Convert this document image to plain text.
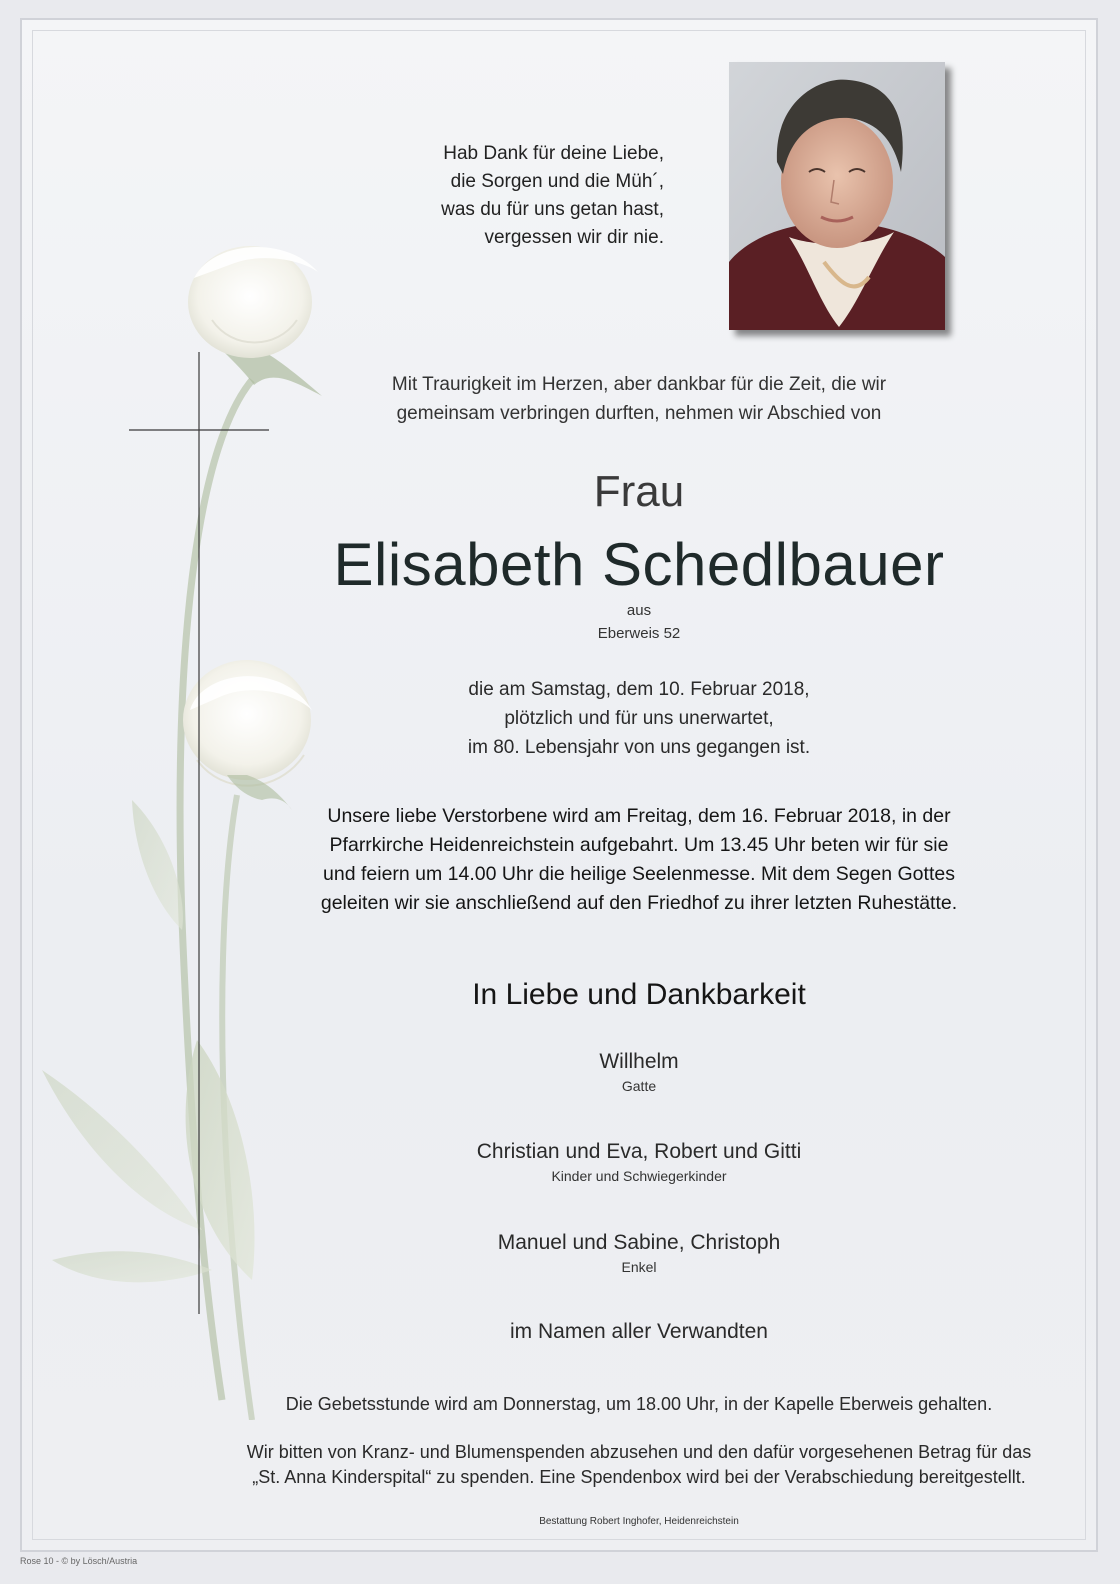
Hab Dank für deine Liebe,
die Sorgen und die Müh´,
was du für uns getan hast,
vergessen wir dir nie.
Mit Traurigkeit im Herzen, aber dankbar für die Zeit, die wir
gemeinsam verbringen durften, nehmen wir Abschied von
Frau
Elisabeth Schedlbauer
aus
Eberweis 52
die am Samstag, dem 10. Februar 2018,
plötzlich und für uns unerwartet,
im 80. Lebensjahr von uns gegangen ist.
Unsere liebe Verstorbene wird am Freitag, dem 16. Februar 2018, in der
Pfarrkirche Heidenreichstein aufgebahrt. Um 13.45 Uhr beten wir für sie
und feiern um 14.00 Uhr die heilige Seelenmesse. Mit dem Segen Gottes
geleiten wir sie anschließend auf den Friedhof zu ihrer letzten Ruhestätte.
In Liebe und Dankbarkeit
Willhelm
Gatte
Christian und Eva, Robert und Gitti
Kinder und Schwiegerkinder
Manuel und Sabine, Christoph
Enkel
im Namen aller Verwandten
Die Gebetsstunde wird am Donnerstag, um 18.00 Uhr, in der Kapelle Eberweis gehalten.
Wir bitten von Kranz- und Blumenspenden abzusehen und den dafür vorgesehenen Betrag für das
„St. Anna Kinderspital“ zu spenden. Eine Spendenbox wird bei der Verabschiedung bereitgestellt.
Bestattung Robert Inghofer, Heidenreichstein
Rose 10 - © by Lösch/Austria
